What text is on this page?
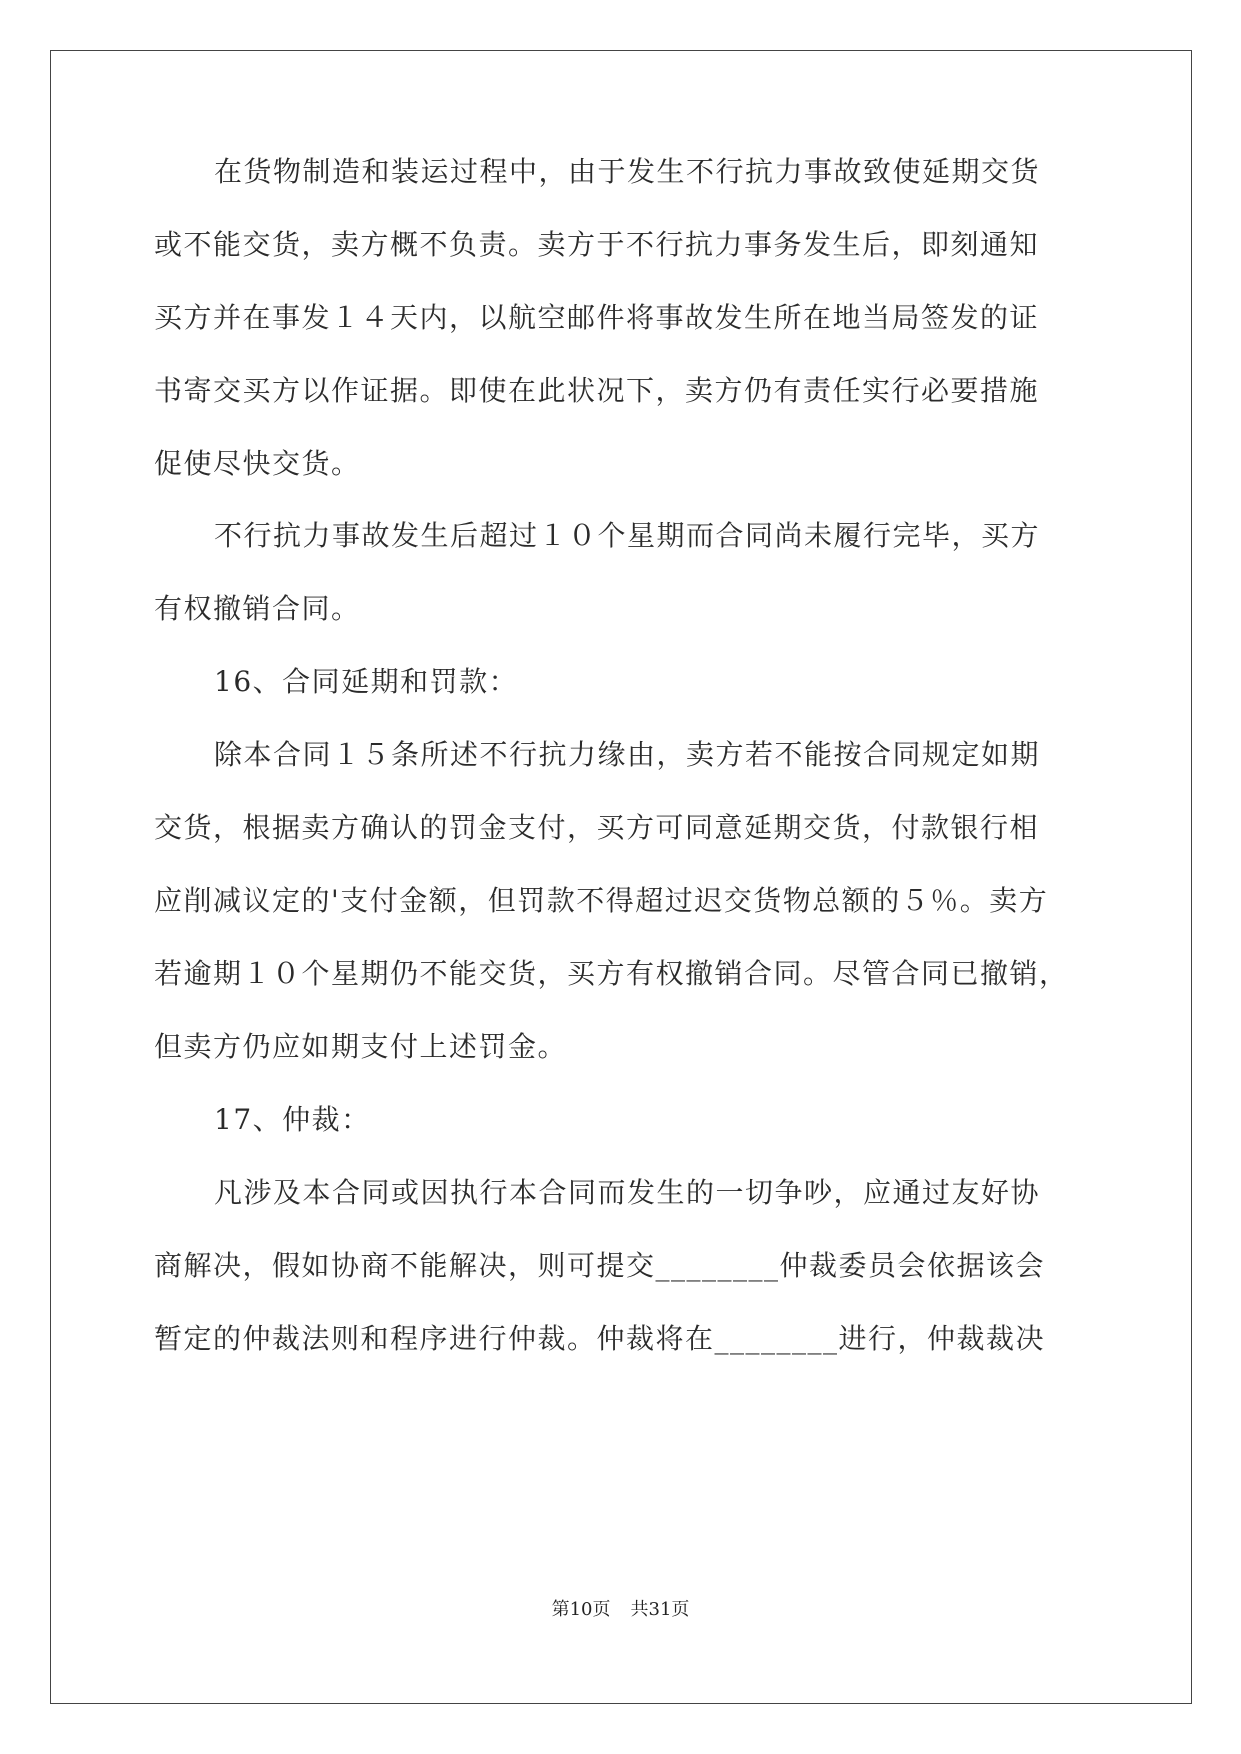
在货物制造和装运过程中，由于发生不行抗力事故致使延期交货

或不能交货，卖方概不负责。卖方于不行抗力事务发生后，即刻通知

买方并在事发１４天内，以航空邮件将事故发生所在地当局签发的证

书寄交买方以作证据。即使在此状况下，卖方仍有责任实行必要措施

促使尽快交货。

不行抗力事故发生后超过１０个星期而合同尚未履行完毕，买方

有权撤销合同。

16、合同延期和罚款：

除本合同１５条所述不行抗力缘由，卖方若不能按合同规定如期

交货，根据卖方确认的罚金支付，买方可同意延期交货，付款银行相

应削减议定的'支付金额，但罚款不得超过迟交货物总额的５％。卖方

若逾期１０个星期仍不能交货，买方有权撤销合同。尽管合同已撤销，

但卖方仍应如期支付上述罚金。

17、仲裁：

凡涉及本合同或因执行本合同而发生的一切争吵，应通过友好协

商解决，假如协商不能解决，则可提交________仲裁委员会依据该会

暂定的仲裁法则和程序进行仲裁。仲裁将在________进行，仲裁裁决

第10页 共31页
